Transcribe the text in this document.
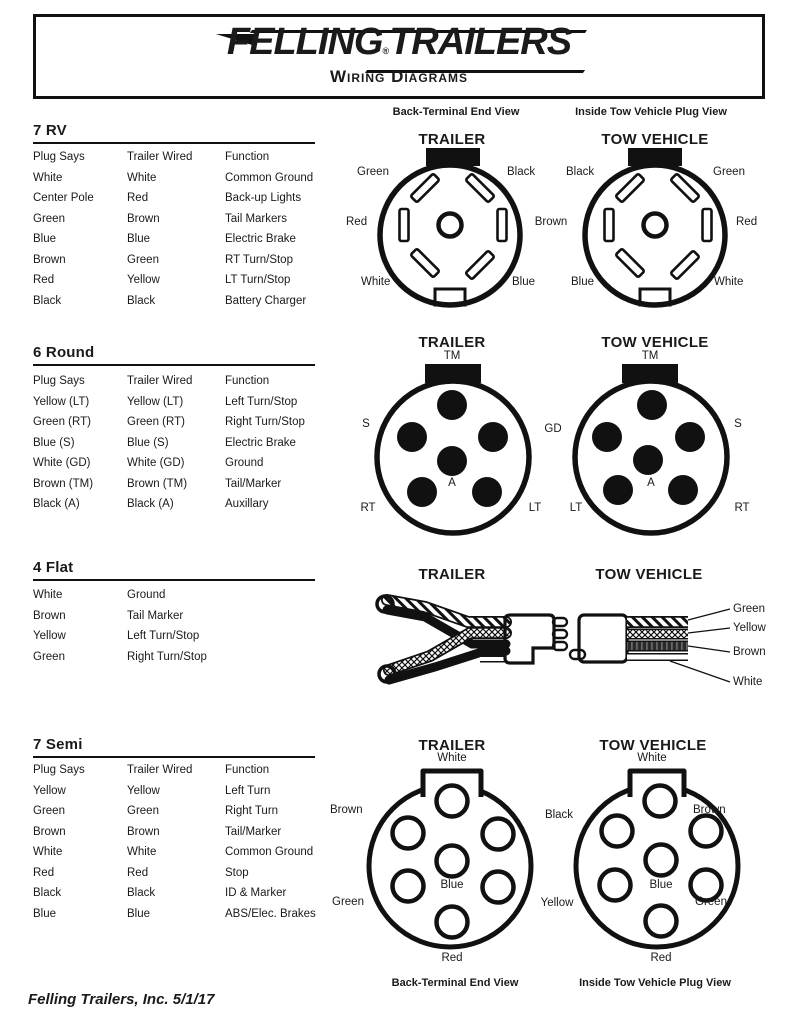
FELLING®TRAILERS
Wiring Diagrams
Back-Terminal End View	Inside Tow Vehicle Plug View
7 RV
Plug Says	Trailer Wired	Function
White	White	Common Ground
Center Pole	Red	Back-up Lights
Green	Brown	Tail Markers
Blue	Blue	Electric Brake
Brown	Green	RT Turn/Stop
Red	Yellow	LT Turn/Stop
Black	Black	Battery Charger
TRAILER	TOW VEHICLE
Green	Black	Black	Green
Red	Brown	Red
White	Blue	Blue	White
6 Round
Plug Says	Trailer Wired	Function
Yellow (LT)	Yellow (LT)	Left Turn/Stop
Green (RT)	Green (RT)	Right Turn/Stop
Blue (S)	Blue (S)	Electric Brake
White (GD)	White (GD)	Ground
Brown (TM)	Brown (TM)	Tail/Marker
Black (A)	Black (A)	Auxillary
TRAILER	TOW VEHICLE
TM	TM
S	GD	S
A	A
RT	LT	LT	RT
4 Flat
White	Ground
Brown	Tail Marker
Yellow	Left Turn/Stop
Green	Right Turn/Stop
TRAILER	TOW VEHICLE
Green
Yellow
Brown
White
7 Semi
Plug Says	Trailer Wired	Function
Yellow	Yellow	Left Turn
Green	Green	Right Turn
Brown	Brown	Tail/Marker
White	White	Common Ground
Red	Red	Stop
Black	Black	ID & Marker
Blue	Blue	ABS/Elec. Brakes
TRAILER	TOW VEHICLE
White	White
Brown	Black	Brown
Blue	Blue
Green	Yellow	Green
Red	Red
Back-Terminal End View	Inside Tow Vehicle Plug View
Felling Trailers, Inc. 5/1/17
